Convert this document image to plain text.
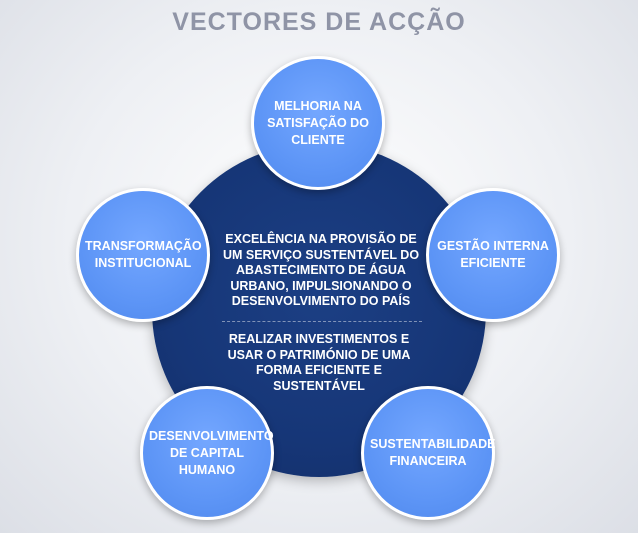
VECTORES DE ACÇÃO
EXCELÊNCIA NA PROVISÃO DE UM SERVIÇO SUSTENTÁVEL DO ABASTECIMENTO DE ÁGUA URBANO, IMPULSIONANDO O DESENVOLVIMENTO DO PAÍS
REALIZAR INVESTIMENTOS E USAR O PATRIMÓNIO DE UMA FORMA EFICIENTE E SUSTENTÁVEL
MELHORIA NA SATISFAÇÃO DO CLIENTE
GESTÃO INTERNA EFICIENTE
SUSTENTABILIDADE FINANCEIRA
DESENVOLVIMENTO DE CAPITAL HUMANO
TRANSFORMAÇÃO INSTITUCIONAL
